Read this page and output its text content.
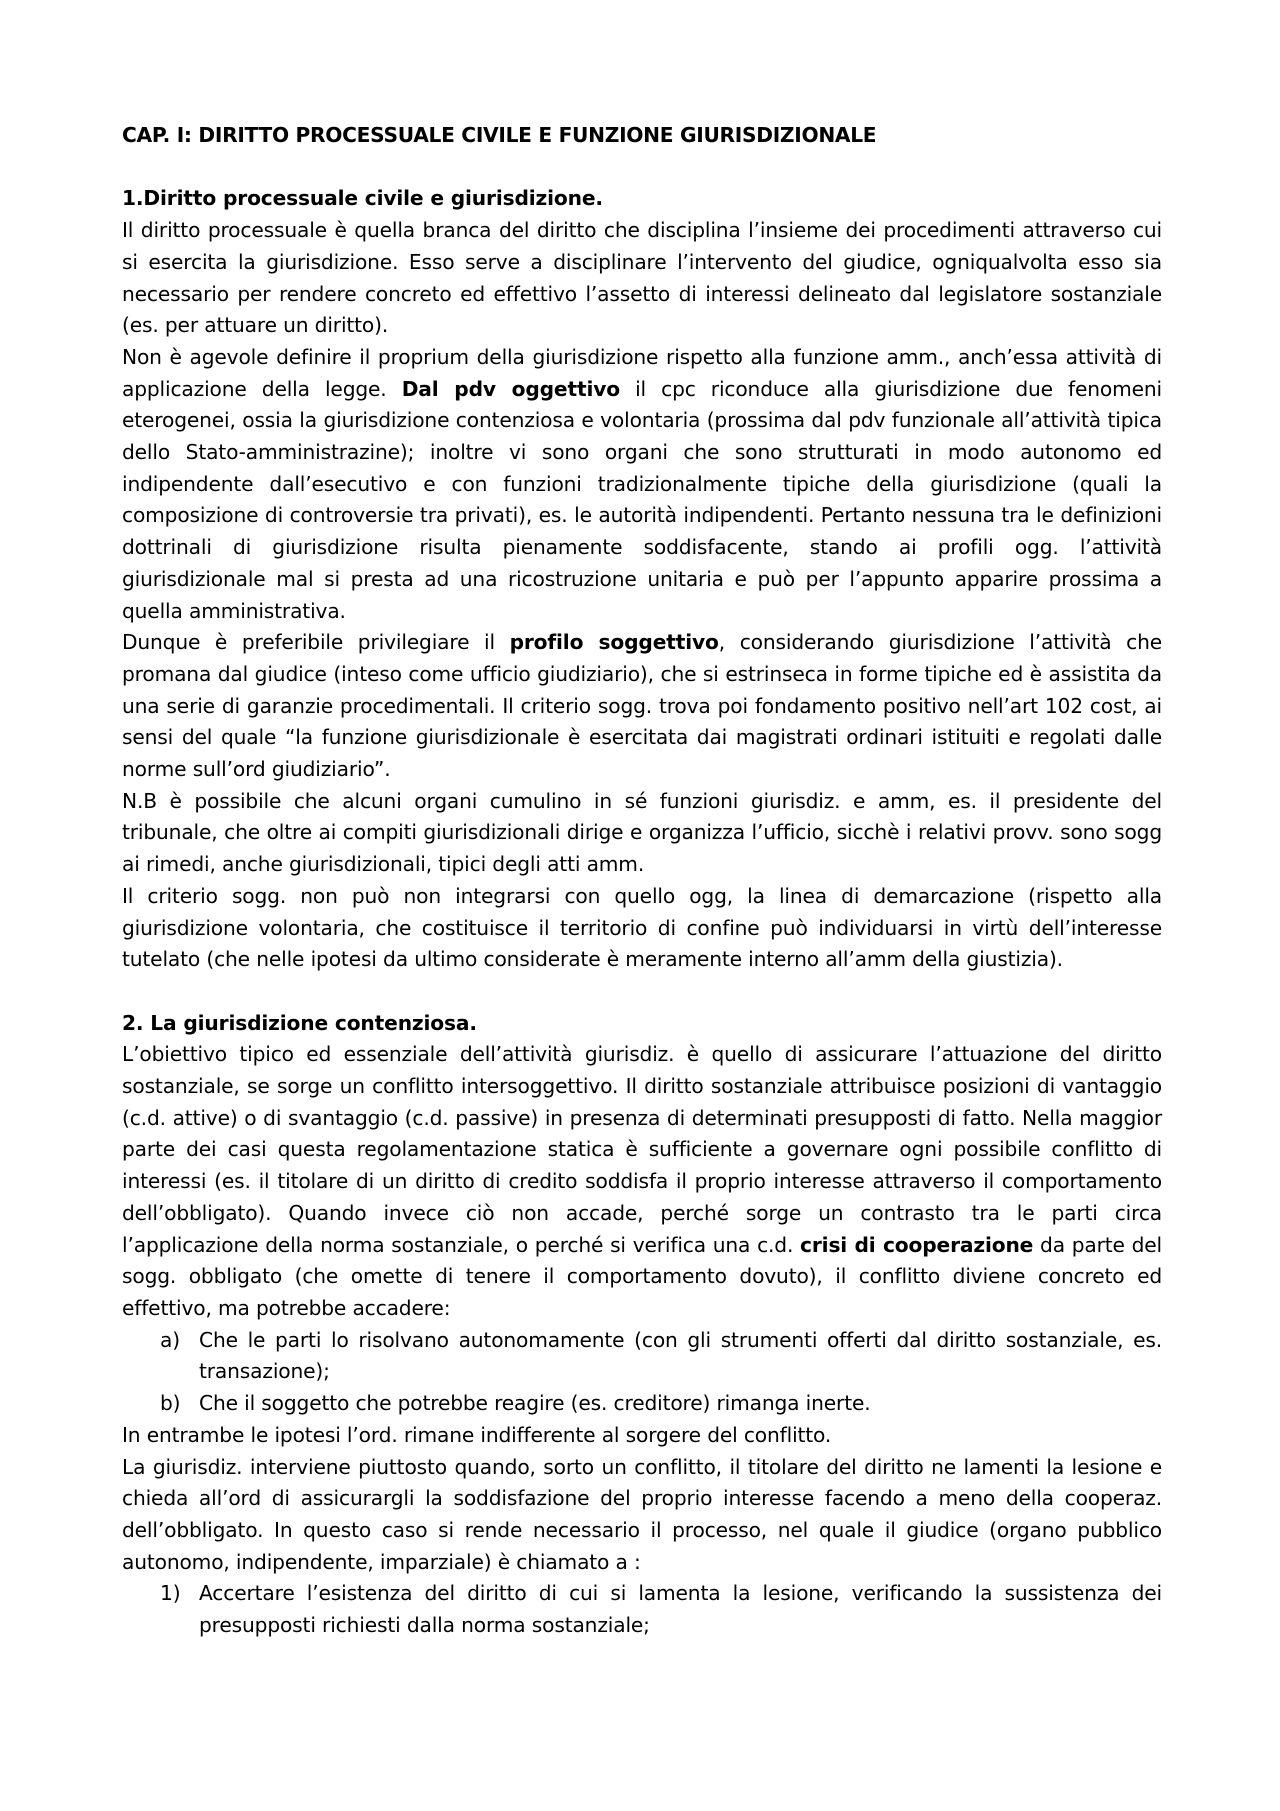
CAP. I: DIRITTO PROCESSUALE CIVILE E FUNZIONE GIURISDIZIONALE

1.Diritto processuale civile e giurisdizione.

Il diritto processuale è quella branca del diritto che disciplina l’insieme dei procedimenti attraverso cui si esercita la giurisdizione. Esso serve a disciplinare l’intervento del giudice, ogniqualvolta esso sia necessario per rendere concreto ed effettivo l’assetto di interessi delineato dal legislatore sostanziale (es. per attuare un diritto).

Non è agevole definire il proprium della giurisdizione rispetto alla funzione amm., anch’essa attività di applicazione della legge. Dal pdv oggettivo il cpc riconduce alla giurisdizione due fenomeni eterogenei, ossia la giurisdizione contenziosa e volontaria (prossima dal pdv funzionale all’attività tipica dello Stato-amministrazine); inoltre vi sono organi che sono strutturati in modo autonomo ed indipendente dall’esecutivo e con funzioni tradizionalmente tipiche della giurisdizione (quali la composizione di controversie tra privati), es. le autorità indipendenti. Pertanto nessuna tra le definizioni dottrinali di giurisdizione risulta pienamente soddisfacente, stando ai profili ogg. l’attività giurisdizionale mal si presta ad una ricostruzione unitaria e può per l’appunto apparire prossima a quella amministrativa.

Dunque è preferibile privilegiare il profilo soggettivo, considerando giurisdizione l’attività che promana dal giudice (inteso come ufficio giudiziario), che si estrinseca in forme tipiche ed è assistita da una serie di garanzie procedimentali. Il criterio sogg. trova poi fondamento positivo nell’art 102 cost, ai sensi del quale “la funzione giurisdizionale è esercitata dai magistrati ordinari istituiti e regolati dalle norme sull’ord giudiziario”.

N.B è possibile che alcuni organi cumulino in sé funzioni giurisdiz. e amm, es. il presidente del tribunale, che oltre ai compiti giurisdizionali dirige e organizza l’ufficio, sicchè i relativi provv. sono sogg ai rimedi, anche giurisdizionali, tipici degli atti amm.

Il criterio sogg. non può non integrarsi con quello ogg, la linea di demarcazione (rispetto alla giurisdizione volontaria, che costituisce il territorio di confine può individuarsi in virtù dell’interesse tutelato (che nelle ipotesi da ultimo considerate è meramente interno all’amm della giustizia).

2. La giurisdizione contenziosa.

L’obiettivo tipico ed essenziale dell’attività giurisdiz. è quello di assicurare l’attuazione del diritto sostanziale, se sorge un conflitto intersoggettivo. Il diritto sostanziale attribuisce posizioni di vantaggio (c.d. attive) o di svantaggio (c.d. passive) in presenza di determinati presupposti di fatto. Nella maggior parte dei casi questa regolamentazione statica è sufficiente a governare ogni possibile conflitto di interessi (es. il titolare di un diritto di credito soddisfa il proprio interesse attraverso il comportamento dell’obbligato). Quando invece ciò non accade, perché sorge un contrasto tra le parti circa l’applicazione della norma sostanziale, o perché si verifica una c.d. crisi di cooperazione da parte del sogg. obbligato (che omette di tenere il comportamento dovuto), il conflitto diviene concreto ed effettivo, ma potrebbe accadere:

a) Che le parti lo risolvano autonomamente (con gli strumenti offerti dal diritto sostanziale, es. transazione);
b) Che il soggetto che potrebbe reagire (es. creditore) rimanga inerte.

In entrambe le ipotesi l’ord. rimane indifferente al sorgere del conflitto.

La giurisdiz. interviene piuttosto quando, sorto un conflitto, il titolare del diritto ne lamenti la lesione e chieda all’ord di assicurargli la soddisfazione del proprio interesse facendo a meno della cooperaz. dell’obbligato. In questo caso si rende necessario il processo, nel quale il giudice (organo pubblico autonomo, indipendente, imparziale) è chiamato a :

1) Accertare l’esistenza del diritto di cui si lamenta la lesione, verificando la sussistenza dei presupposti richiesti dalla norma sostanziale;
